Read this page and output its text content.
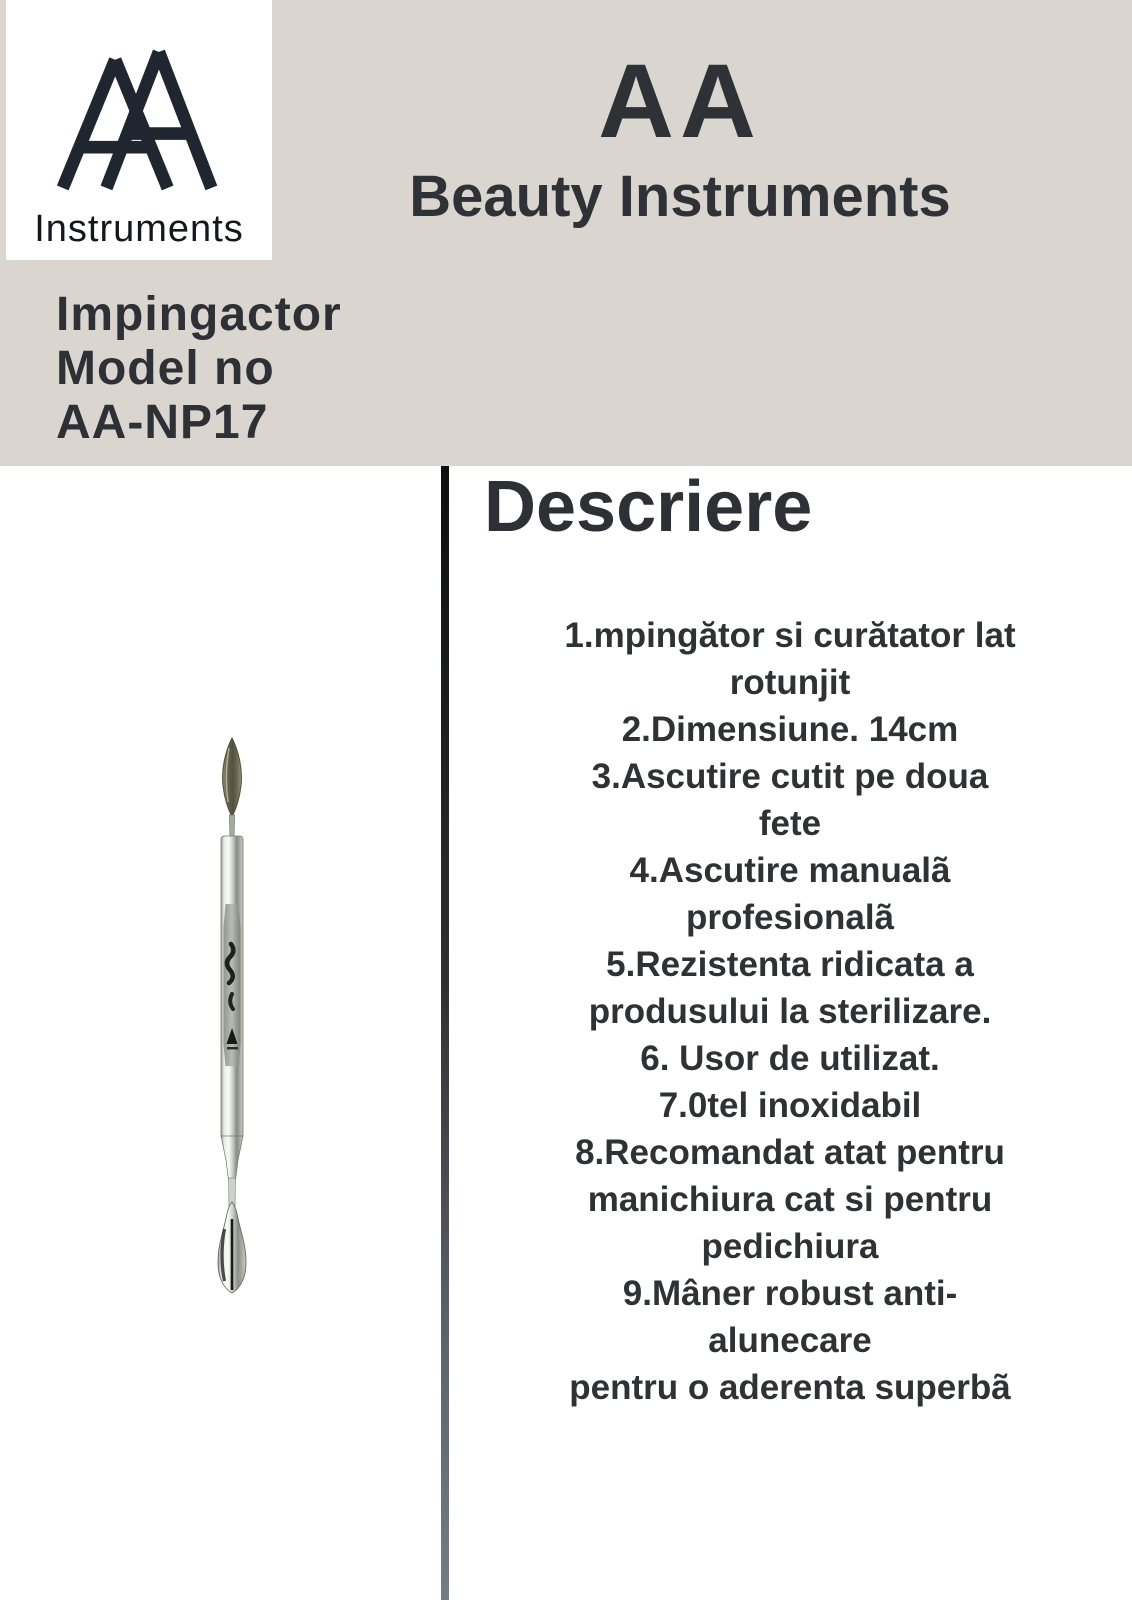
Instruments
AA
Beauty Instruments
Impingactor
Model no
AA-NP17
Descriere
1.mpingător si curătator lat
rotunjit
2.Dimensiune. 14cm
3.Ascutire cutit pe doua
fete
4.Ascutire manualã
profesionalã
5.Rezistenta ridicata a
produsului la sterilizare.
6. Usor de utilizat.
7.0tel inoxidabil
8.Recomandat atat pentru
manichiura cat si pentru
pedichiura
9.Mâner robust anti-
alunecare
pentru o aderenta superbã
